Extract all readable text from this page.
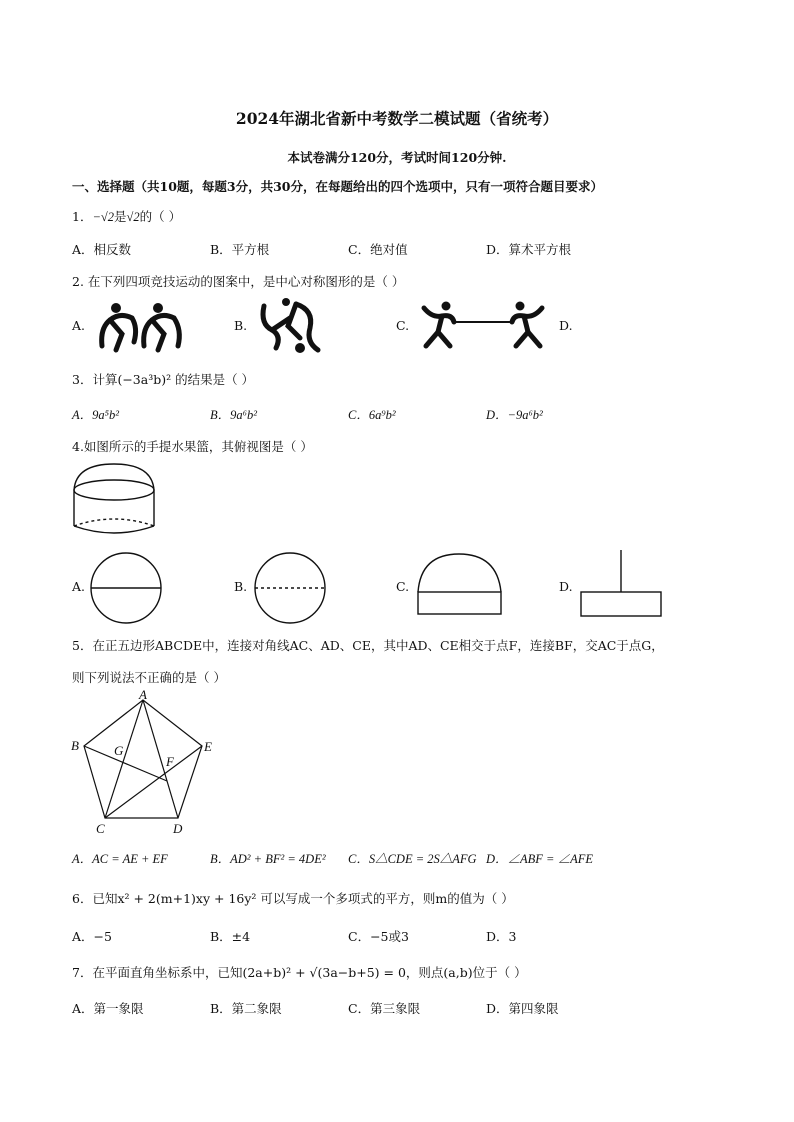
2024年湖北省新中考数学二模试题（省统考）
本试卷满分120分，考试时间120分钟.
一、选择题（共10题，每题3分，共30分，在每题给出的四个选项中，只有一项符合题目要求）
1．−√2是√2的（ ）
A．相反数	B．平方根	C．绝对值	D．算术平方根
2. 在下列四项竞技运动的图案中，是中心对称图形的是（ ）
A.	B.	C.	D.
3．计算(−3a³b)² 的结果是（ ）
A．9a⁵b²	B．9a⁶b²	C．6a⁹b²	D．−9a⁶b²
4.如图所示的手提水果篮，其俯视图是（ ）
A.	B.	C.	D.
5．在正五边形ABCDE中，连接对角线AC、AD、CE，其中AD、CE相交于点F，连接BF，交AC于点G，
则下列说法不正确的是（ ）
A
B
C	D
E
F
G
A．AC = AE + EF	B．AD² + BF² = 4DE² C．S△CDE = 2S△AFG D．∠ABF = ∠AFE
6．已知x² + 2(m+1)xy + 16y² 可以写成一个多项式的平方，则m的值为（ ）
A．−5	B．±4	C．−5或3	D．3
7．在平面直角坐标系中，已知(2a+b)² + √(3a−b+5) = 0，则点(a,b)位于（ ）
A．第一象限	B．第二象限	C．第三象限	D．第四象限
